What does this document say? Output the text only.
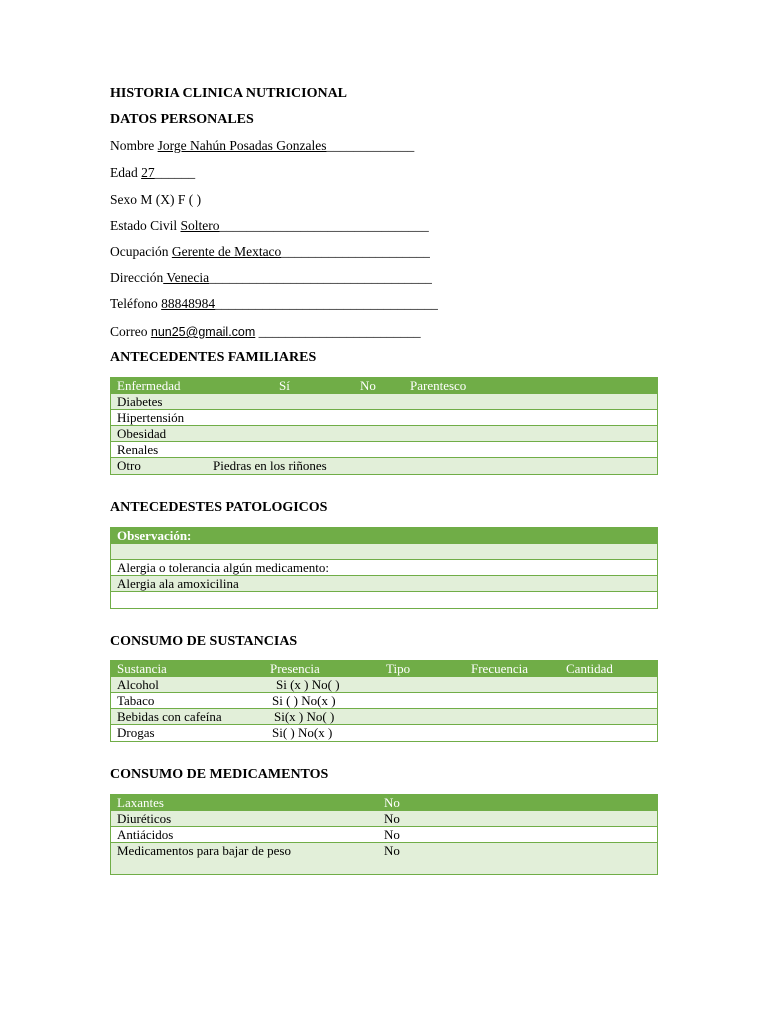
HISTORIA CLINICA NUTRICIONAL
DATOS PERSONALES
Nombre Jorge Nahún Posadas Gonzales_____________
Edad 27______
Sexo M (X) F ( )
Estado Civil Soltero_______________________________
Ocupación Gerente de Mextaco______________________
Dirección Venecia_________________________________
Teléfono 88848984_________________________________
Correo nun25@gmail.com ________________________
ANTECEDENTES FAMILIARES
Enfermedad	Sí	No	Parentesco
Diabetes
Hipertensión
Obesidad
Renales
Otro	Piedras en los riñones
ANTECEDESTES PATOLOGICOS
Observación:
Alergia o tolerancia algún medicamento:
Alergia ala amoxicilina
CONSUMO DE SUSTANCIAS
Sustancia	Presencia	Tipo	Frecuencia	Cantidad
Alcohol	Si (x ) No( )
Tabaco	Si ( ) No(x )
Bebidas con cafeína	Si(x ) No( )
Drogas	Si( ) No(x )
CONSUMO DE MEDICAMENTOS
Laxantes	No
Diuréticos	No
Antiácidos	No
Medicamentos para bajar de peso	No
